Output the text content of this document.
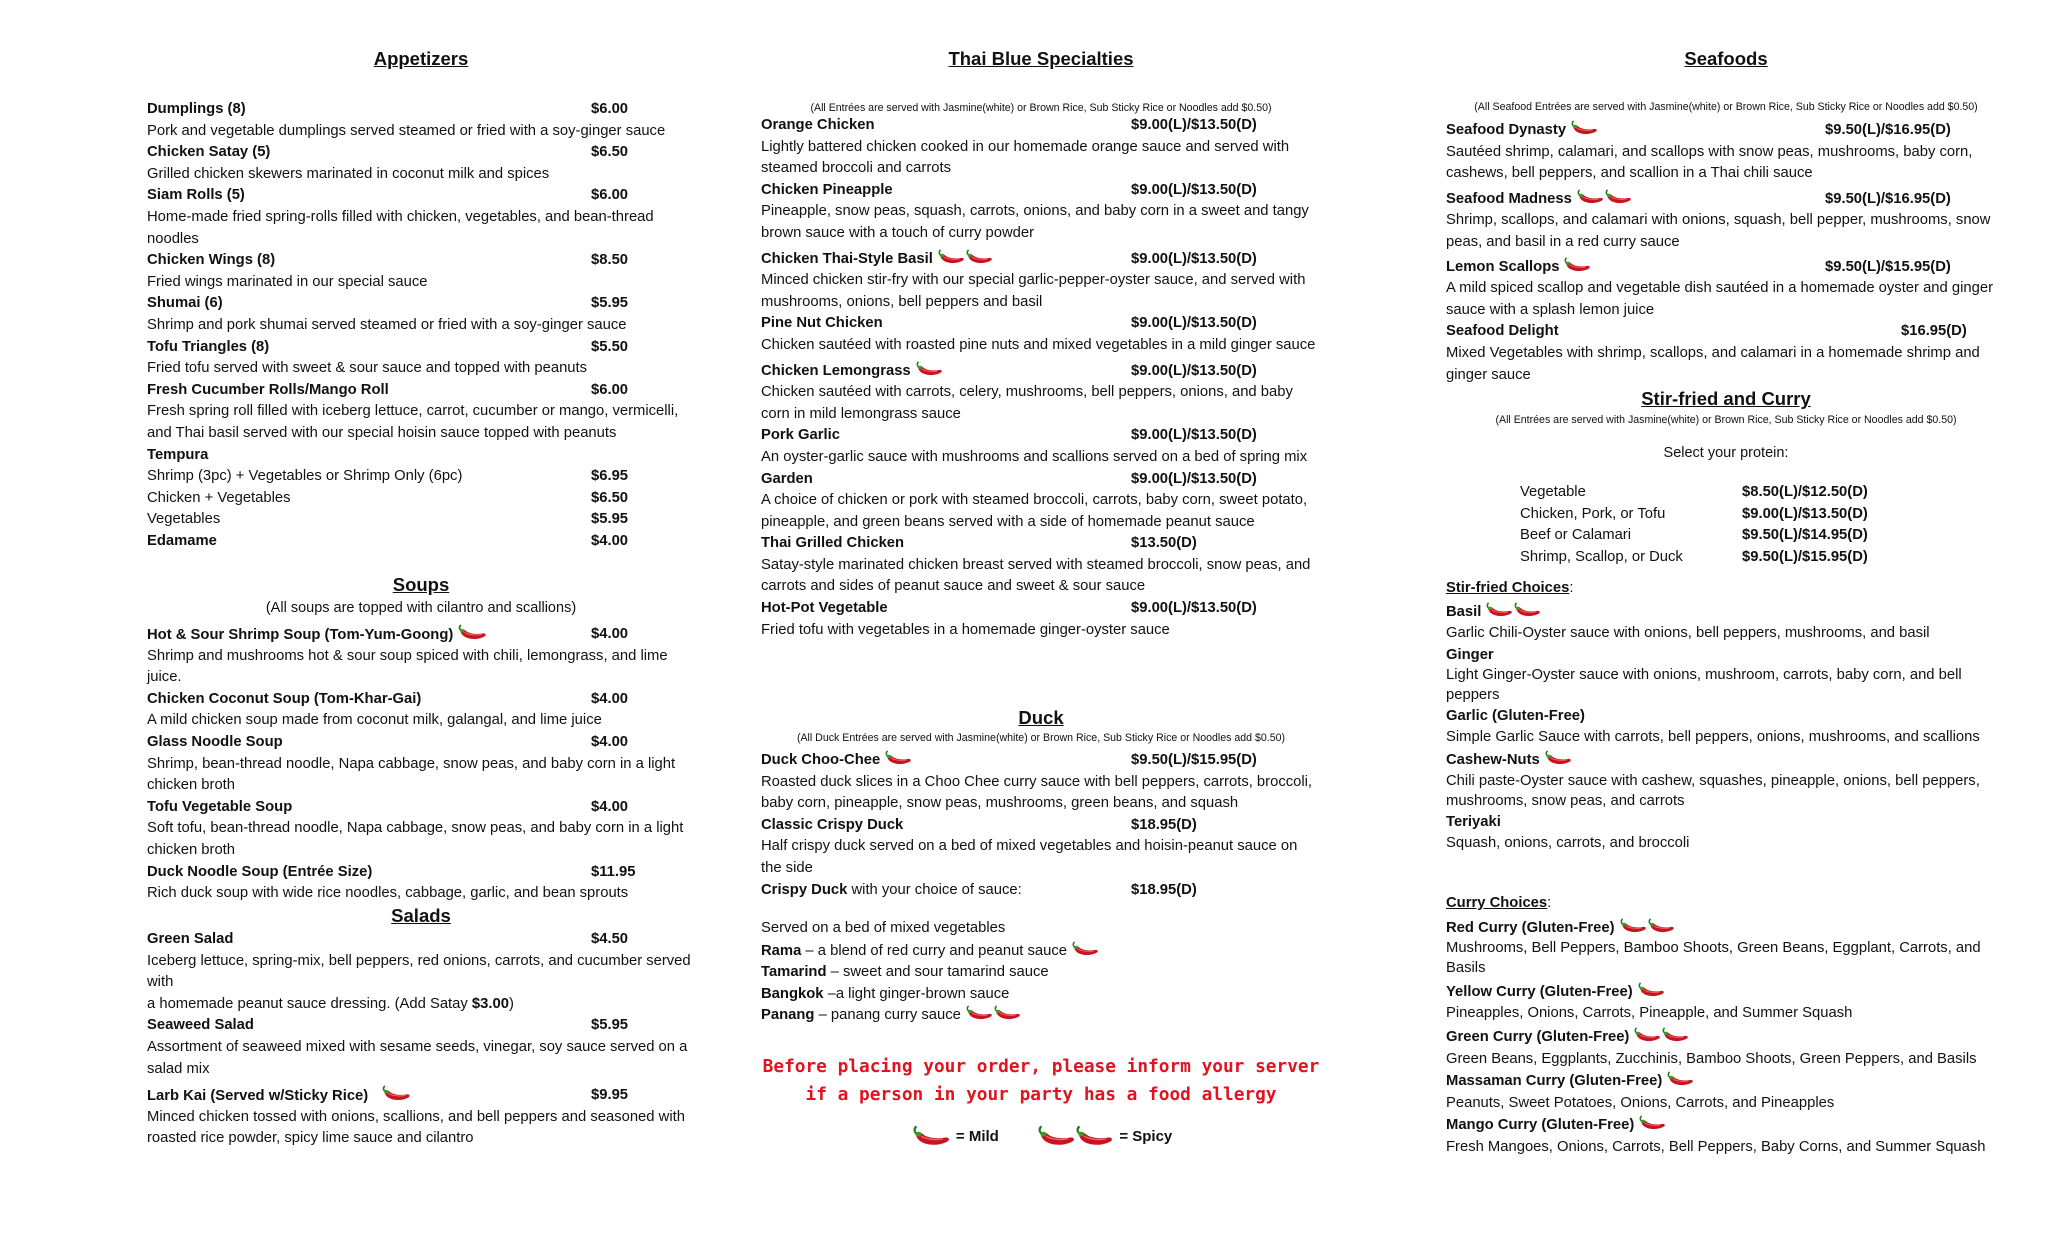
Appetizers
Dumplings (8)	$6.00
Pork and vegetable dumplings served steamed or fried with a soy-ginger sauce
Chicken Satay (5)	$6.50
Grilled chicken skewers marinated in coconut milk and spices
Siam Rolls (5)	$6.00
Home-made fried spring-rolls filled with chicken, vegetables, and bean-thread noodles
Chicken Wings (8)	$8.50
Fried wings marinated in our special sauce
Shumai (6)	$5.95
Shrimp and pork shumai served steamed or fried with a soy-ginger sauce
Tofu Triangles (8)	$5.50
Fried tofu served with sweet & sour sauce and topped with peanuts
Fresh Cucumber Rolls/Mango Roll	$6.00
Fresh spring roll filled with iceberg lettuce, carrot, cucumber or mango, vermicelli,
and Thai basil served with our special hoisin sauce topped with peanuts
Tempura
Shrimp (3pc) + Vegetables or Shrimp Only (6pc)	$6.95
Chicken + Vegetables	$6.50
Vegetables	$5.95
Edamame	$4.00
Soups
(All soups are topped with cilantro and scallions)
Hot & Sour Shrimp Soup (Tom-Yum-Goong)	$4.00
Shrimp and mushrooms hot & sour soup spiced with chili, lemongrass, and lime juice.
Chicken Coconut Soup (Tom-Khar-Gai)	$4.00
A mild chicken soup made from coconut milk, galangal, and lime juice
Glass Noodle Soup	$4.00
Shrimp, bean-thread noodle, Napa cabbage, snow peas, and baby corn in a light chicken broth
Tofu Vegetable Soup	$4.00
Soft tofu, bean-thread noodle, Napa cabbage, snow peas, and baby corn in a light chicken broth
Duck Noodle Soup (Entrée Size)	$11.95
Rich duck soup with wide rice noodles, cabbage, garlic, and bean sprouts
Salads
Green Salad	$4.50
Iceberg lettuce, spring-mix, bell peppers, red onions, carrots, and cucumber served with
a homemade peanut sauce dressing. (Add Satay $3.00)
Seaweed Salad	$5.95
Assortment of seaweed mixed with sesame seeds, vinegar, soy sauce served on a salad mix
Larb Kai (Served w/Sticky Rice)	$9.95
Minced chicken tossed with onions, scallions, and bell peppers and seasoned with roasted rice powder, spicy lime sauce and cilantro
Thai Blue Specialties
(All Entrées are served with Jasmine(white) or Brown Rice, Sub Sticky Rice or Noodles add $0.50)
Orange Chicken	$9.00(L)/$13.50(D)
Lightly battered chicken cooked in our homemade orange sauce and served with steamed broccoli and carrots
Chicken Pineapple	$9.00(L)/$13.50(D)
Pineapple, snow peas, squash, carrots, onions, and baby corn in a sweet and tangy brown sauce with a touch of curry powder
Chicken Thai-Style Basil	$9.00(L)/$13.50(D)
Minced chicken stir-fry with our special garlic-pepper-oyster sauce, and served with mushrooms, onions, bell peppers and basil
Pine Nut Chicken	$9.00(L)/$13.50(D)
Chicken sautéed with roasted pine nuts and mixed vegetables in a mild ginger sauce
Chicken Lemongrass	$9.00(L)/$13.50(D)
Chicken sautéed with carrots, celery, mushrooms, bell peppers, onions, and baby corn in mild lemongrass sauce
Pork Garlic	$9.00(L)/$13.50(D)
An oyster-garlic sauce with mushrooms and scallions served on a bed of spring mix
Garden	$9.00(L)/$13.50(D)
A choice of chicken or pork with steamed broccoli, carrots, baby corn, sweet potato, pineapple, and green beans served with a side of homemade peanut sauce
Thai Grilled Chicken	$13.50(D)
Satay-style marinated chicken breast served with steamed broccoli, snow peas, and carrots and sides of peanut sauce and sweet & sour sauce
Hot-Pot Vegetable	$9.00(L)/$13.50(D)
Fried tofu with vegetables in a homemade ginger-oyster sauce
Duck
(All Duck Entrées are served with Jasmine(white) or Brown Rice, Sub Sticky Rice or Noodles add $0.50)
Duck Choo-Chee	$9.50(L)/$15.95(D)
Roasted duck slices in a Choo Chee curry sauce with bell peppers, carrots, broccoli, baby corn, pineapple, snow peas, mushrooms, green beans, and squash
Classic Crispy Duck	$18.95(D)
Half crispy duck served on a bed of mixed vegetables and hoisin-peanut sauce on the side
Crispy Duck with your choice of sauce:	$18.95(D)
Served on a bed of mixed vegetables
Rama – a blend of red curry and peanut sauce
Tamarind – sweet and sour tamarind sauce
Bangkok –a light ginger-brown sauce
Panang – panang curry sauce
Before placing your order, please inform your server if a person in your party has a food allergy
= Mild	= Spicy
Seafoods
(All Seafood Entrées are served with Jasmine(white) or Brown Rice, Sub Sticky Rice or Noodles add $0.50)
Seafood Dynasty	$9.50(L)/$16.95(D)
Sautéed shrimp, calamari, and scallops with snow peas, mushrooms, baby corn, cashews, bell peppers, and scallion in a Thai chili sauce
Seafood Madness	$9.50(L)/$16.95(D)
Shrimp, scallops, and calamari with onions, squash, bell pepper, mushrooms, snow peas, and basil in a red curry sauce
Lemon Scallops	$9.50(L)/$15.95(D)
A mild spiced scallop and vegetable dish sautéed in a homemade oyster and ginger sauce with a splash lemon juice
Seafood Delight	$16.95(D)
Mixed Vegetables with shrimp, scallops, and calamari in a homemade shrimp and ginger sauce
Stir-fried and Curry
(All Entrées are served with Jasmine(white) or Brown Rice, Sub Sticky Rice or Noodles add $0.50)
Select your protein:
Vegetable	$8.50(L)/$12.50(D)
Chicken, Pork, or Tofu	$9.00(L)/$13.50(D)
Beef or Calamari	$9.50(L)/$14.95(D)
Shrimp, Scallop, or Duck	$9.50(L)/$15.95(D)
Stir-fried Choices:
Basil
Garlic Chili-Oyster sauce with onions, bell peppers, mushrooms, and basil
Ginger
Light Ginger-Oyster sauce with onions, mushroom, carrots, baby corn, and bell peppers
Garlic (Gluten-Free)
Simple Garlic Sauce with carrots, bell peppers, onions, mushrooms, and scallions
Cashew-Nuts
Chili paste-Oyster sauce with cashew, squashes, pineapple, onions, bell peppers, mushrooms, snow peas, and carrots
Teriyaki
Squash, onions, carrots, and broccoli
Curry Choices:
Red Curry (Gluten-Free)
Mushrooms, Bell Peppers, Bamboo Shoots, Green Beans, Eggplant, Carrots, and Basils
Yellow Curry (Gluten-Free)
Pineapples, Onions, Carrots, Pineapple, and Summer Squash
Green Curry (Gluten-Free)
Green Beans, Eggplants, Zucchinis, Bamboo Shoots, Green Peppers, and Basils
Massaman Curry (Gluten-Free)
Peanuts, Sweet Potatoes, Onions, Carrots, and Pineapples
Mango Curry (Gluten-Free)
Fresh Mangoes, Onions, Carrots, Bell Peppers, Baby Corns, and Summer Squash
